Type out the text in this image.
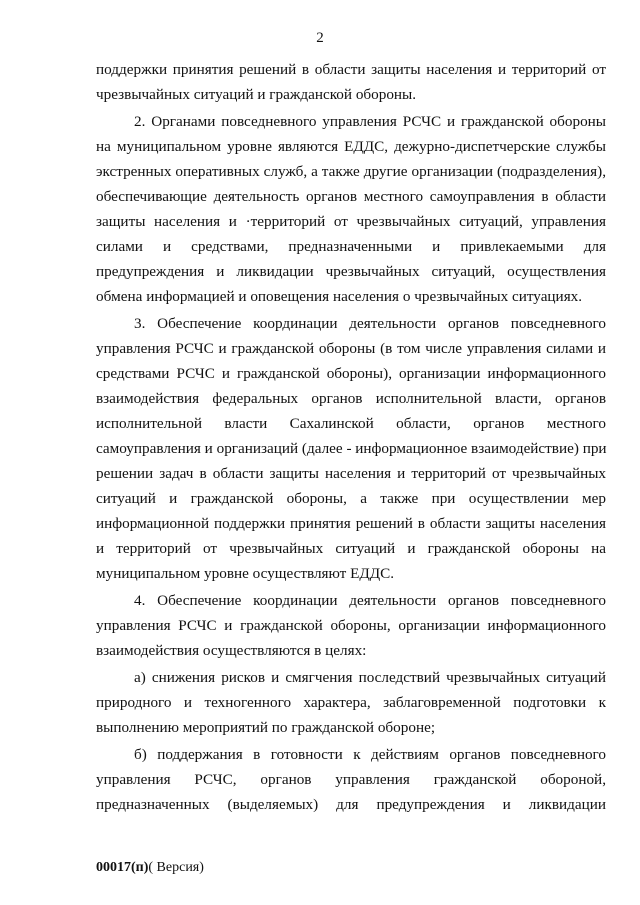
2
поддержки принятия решений в области защиты населения и территорий от
чрезвычайных ситуаций и гражданской обороны.
2. Органами повседневного управления РСЧС и гражданской обороны
на муниципальном уровне являются ЕДДС, дежурно-диспетчерские службы
экстренных оперативных служб, а также другие организации (подразделения),
обеспечивающие деятельность органов местного самоуправления в области
защиты населения и ·территорий от чрезвычайных ситуаций, управления
силами и средствами, предназначенными и привлекаемыми для
предупреждения и ликвидации чрезвычайных ситуаций, осуществления
обмена информацией и оповещения населения о чрезвычайных ситуациях.
3. Обеспечение координации деятельности органов повседневного
управления РСЧС и гражданской обороны (в том числе управления силами и
средствами РСЧС и гражданской обороны), организации информационного
взаимодействия федеральных органов исполнительной власти, органов
исполнительной власти Сахалинской области, органов местного
самоуправления и организаций (далее - информационное взаимодействие) при
решении задач в области защиты населения и территорий от чрезвычайных
ситуаций и гражданской обороны, а также при осуществлении мер
информационной поддержки принятия решений в области защиты населения
и территорий от чрезвычайных ситуаций и гражданской обороны на
муниципальном уровне осуществляют ЕДДС.
4. Обеспечение координации деятельности органов повседневного
управления РСЧС и гражданской обороны, организации информационного
взаимодействия осуществляются в целях:
а) снижения рисков и смягчения последствий чрезвычайных ситуаций
природного и техногенного характера, заблаговременной подготовки к
выполнению мероприятий по гражданской обороне;
б) поддержания в готовности к действиям органов повседневного
управления РСЧС, органов управления гражданской обороной,
предназначенных (выделяемых) для предупреждения и ликвидации
00017(п)( Версия)
